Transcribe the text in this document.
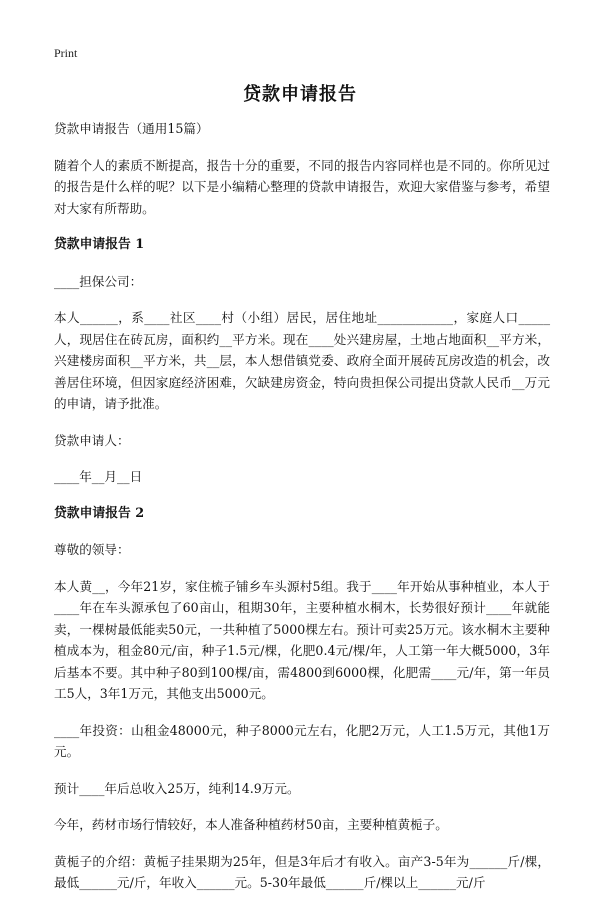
Print
贷款申请报告
贷款申请报告（通用15篇）
随着个人的素质不断提高，报告十分的重要，不同的报告内容同样也是不同的。你所见过的报告是什么样的呢？以下是小编精心整理的贷款申请报告，欢迎大家借鉴与参考，希望对大家有所帮助。
贷款申请报告 1
____担保公司：
本人______，系____社区____村（小组）居民，居住地址____________，家庭人口_____人，现居住在砖瓦房，面积约__平方米。现在____处兴建房屋，土地占地面积__平方米，兴建楼房面积__平方米，共__层，本人想借镇党委、政府全面开展砖瓦房改造的机会，改善居住环境，但因家庭经济困难，欠缺建房资金，特向贵担保公司提出贷款人民币__万元的申请，请予批准。
贷款申请人：
____年__月__日
贷款申请报告 2
尊敬的领导：
本人黄__，今年21岁，家住梳子铺乡车头源村5组。我于____年开始从事种植业，本人于____年在车头源承包了60亩山，租期30年，主要种植水桐木，长势很好预计____年就能卖，一棵树最低能卖50元，一共种植了5000棵左右。预计可卖25万元。该水桐木主要种植成本为，租金80元/亩，种子1.5元/棵，化肥0.4元/棵/年，人工第一年大概5000，3年后基本不要。其中种子80到100棵/亩，需4800到6000棵，化肥需____元/年，第一年员工5人，3年1万元，其他支出5000元。
____年投资：山租金48000元，种子8000元左右，化肥2万元，人工1.5万元，其他1万元。
预计____年后总收入25万，纯利14.9万元。
今年，药材市场行情较好，本人准备种植药材50亩，主要种植黄栀子。
黄栀子的介绍：黄栀子挂果期为25年，但是3年后才有收入。亩产3-5年为______斤/棵，最低______元/斤，年收入______元。5-30年最低______斤/棵以上______元/斤
